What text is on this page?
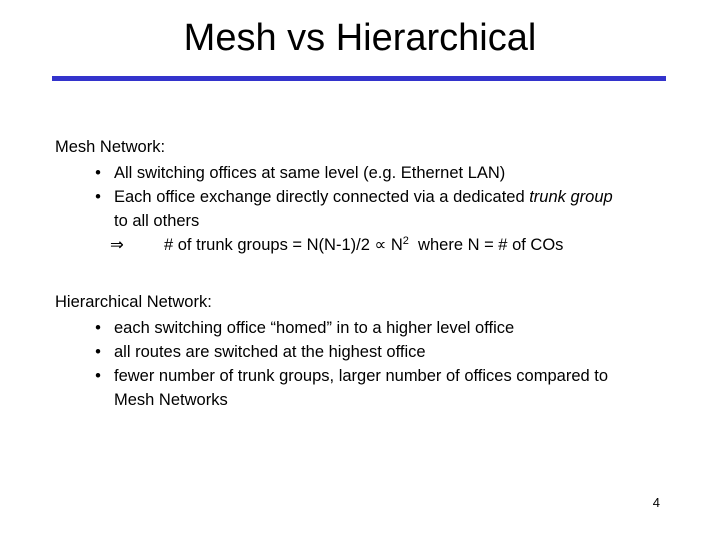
Mesh vs Hierarchical
Mesh Network:
• All switching offices at same level (e.g. Ethernet LAN)
• Each office exchange directly connected via a dedicated trunk group
to all others
⇒ # of trunk groups = $N(N-1)/2 \propto N^2$  where N = # of COs
Hierarchical Network:
• each switching office “homed” in to a higher level office
• all routes are switched at the highest office
• fewer number of trunk groups, larger number of offices compared to
Mesh Networks
4
